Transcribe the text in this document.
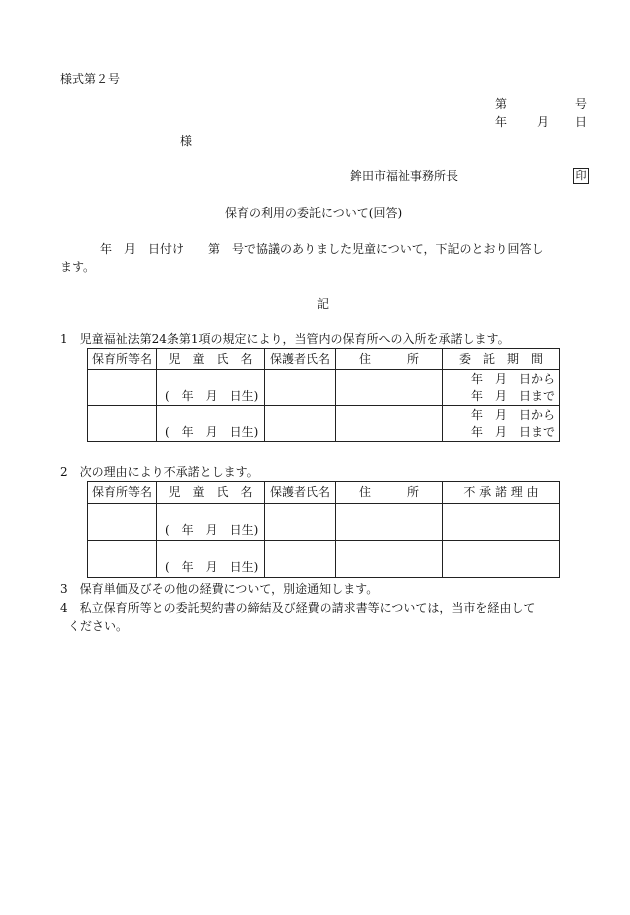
様式第２号
第	号
年 月 日
様
鉾田市福祉事務所長	印
保育の利用の委託について(回答)
年　月　日付け　　第　号で協議のありました児童について，下記のとおり回答し
ます。
記
1　児童福祉法第24条第1項の規定により，当管内の保育所への入所を承諾します。
保育所等名	児　童　氏　名	保護者氏名	住　　　所	委　託　期　間
	(　年　月　日生)			年　月　日から
年　月　日まで

	(　年　月　日生)			年　月　日から
年　月　日まで
2　次の理由により不承諾とします。
保育所等名	児　童　氏　名	保護者氏名	住　　　所	不 承 諾 理 由
	(　年　月　日生)			
	(　年　月　日生)			
3　保育単価及びその他の経費について，別途通知します。
4　私立保育所等との委託契約書の締結及び経費の請求書等については，当市を経由して
ください。
